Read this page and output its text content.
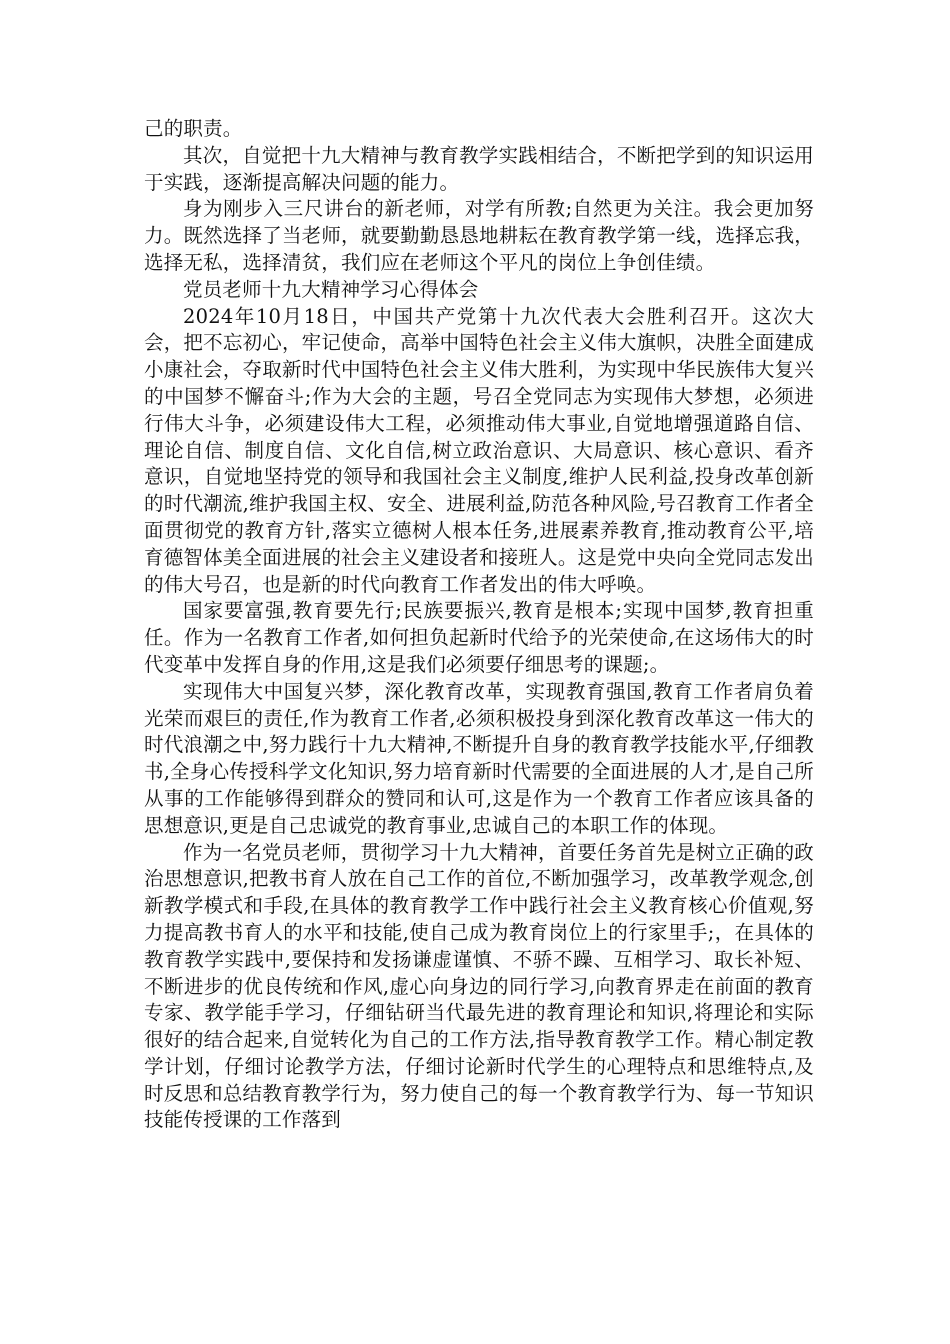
己的职责。

其次，自觉把十九大精神与教育教学实践相结合，不断把学到的知识运用于实践，逐渐提高解决问题的能力。

身为刚步入三尺讲台的新老师，对学有所教;自然更为关注。我会更加努力。既然选择了当老师，就要勤勤恳恳地耕耘在教育教学第一线，选择忘我，选择无私，选择清贫，我们应在老师这个平凡的岗位上争创佳绩。

党员老师十九大精神学习心得体会

2024年10月18日，中国共产党第十九次代表大会胜利召开。这次大会，把不忘初心，牢记使命，高举中国特色社会主义伟大旗帜，决胜全面建成小康社会，夺取新时代中国特色社会主义伟大胜利，为实现中华民族伟大复兴的中国梦不懈奋斗;作为大会的主题，号召全党同志为实现伟大梦想，必须进行伟大斗争，必须建设伟大工程，必须推动伟大事业,自觉地增强道路自信、理论自信、制度自信、文化自信,树立政治意识、大局意识、核心意识、看齐意识，自觉地坚持党的领导和我国社会主义制度,维护人民利益,投身改革创新的时代潮流,维护我国主权、安全、进展利益,防范各种风险,号召教育工作者全面贯彻党的教育方针,落实立德树人根本任务,进展素养教育,推动教育公平,培育德智体美全面进展的社会主义建设者和接班人。这是党中央向全党同志发出的伟大号召，也是新的时代向教育工作者发出的伟大呼唤。

国家要富强,教育要先行;民族要振兴,教育是根本;实现中国梦,教育担重任。作为一名教育工作者,如何担负起新时代给予的光荣使命,在这场伟大的时代变革中发挥自身的作用,这是我们必须要仔细思考的课题;。

实现伟大中国复兴梦，深化教育改革，实现教育强国,教育工作者肩负着光荣而艰巨的责任,作为教育工作者,必须积极投身到深化教育改革这一伟大的时代浪潮之中,努力践行十九大精神,不断提升自身的教育教学技能水平,仔细教书,全身心传授科学文化知识,努力培育新时代需要的全面进展的人才,是自己所从事的工作能够得到群众的赞同和认可,这是作为一个教育工作者应该具备的思想意识,更是自己忠诚党的教育事业,忠诚自己的本职工作的体现。

作为一名党员老师，贯彻学习十九大精神，首要任务首先是树立正确的政治思想意识,把教书育人放在自己工作的首位,不断加强学习，改革教学观念,创新教学模式和手段,在具体的教育教学工作中践行社会主义教育核心价值观,努力提高教书育人的水平和技能,使自己成为教育岗位上的行家里手;，在具体的教育教学实践中,要保持和发扬谦虚谨慎、不骄不躁、互相学习、取长补短、不断进步的优良传统和作风,虚心向身边的同行学习,向教育界走在前面的教育专家、教学能手学习，仔细钻研当代最先进的教育理论和知识,将理论和实际很好的结合起来,自觉转化为自己的工作方法,指导教育教学工作。精心制定教学计划，仔细讨论教学方法，仔细讨论新时代学生的心理特点和思维特点,及时反思和总结教育教学行为，努力使自己的每一个教育教学行为、每一节知识技能传授课的工作落到
